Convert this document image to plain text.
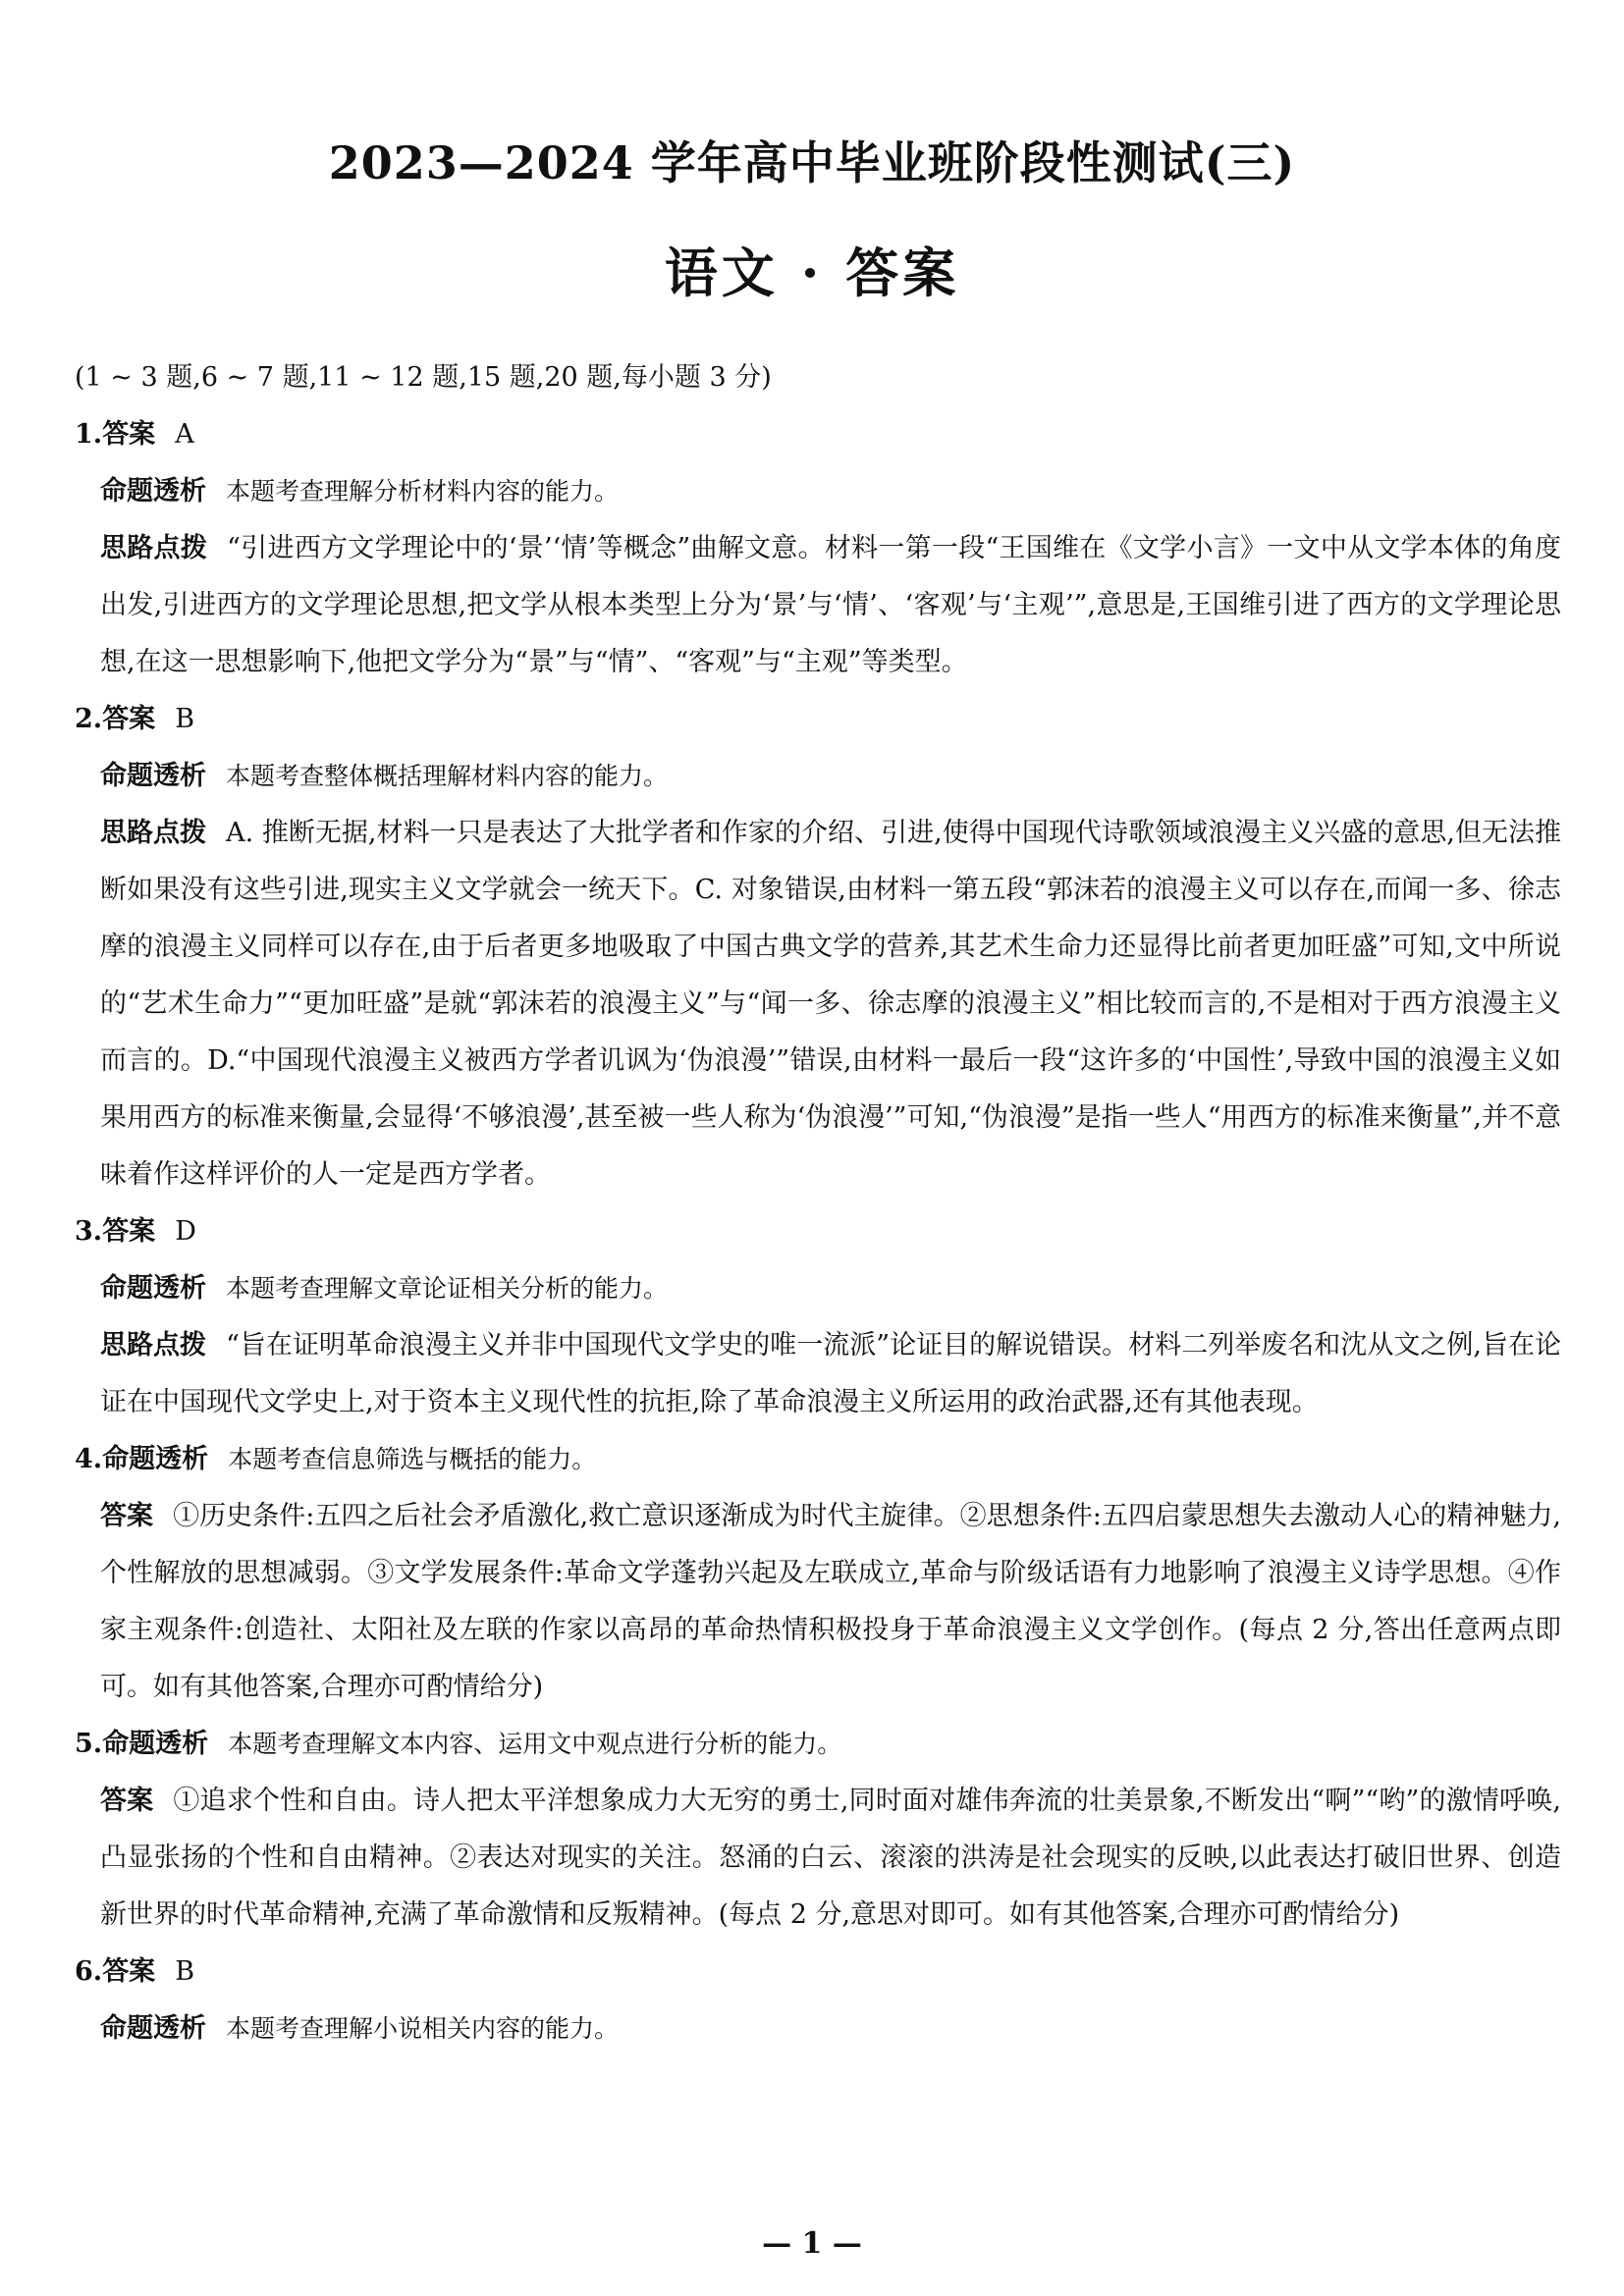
2023—2024 学年高中毕业班阶段性测试(三)
语文 · 答案

(1 ~ 3 题,6 ~ 7 题,11 ~ 12 题,15 题,20 题,每小题 3 分)

1.答案 A

命题透析 本题考查理解分析材料内容的能力。

思路点拨 “引进西方文学理论中的‘景’‘情’等概念”曲解文意。材料一第一段“王国维在《文学小言》一文中从文学本体的角度出发,引进西方的文学理论思想,把文学从根本类型上分为‘景’与‘情’、‘客观’与‘主观’”,意思是,王国维引进了西方的文学理论思想,在这一思想影响下,他把文学分为“景”与“情”、“客观”与“主观”等类型。

2.答案 B

命题透析 本题考查整体概括理解材料内容的能力。

思路点拨 A. 推断无据,材料一只是表达了大批学者和作家的介绍、引进,使得中国现代诗歌领域浪漫主义兴盛的意思,但无法推断如果没有这些引进,现实主义文学就会一统天下。C. 对象错误,由材料一第五段“郭沫若的浪漫主义可以存在,而闻一多、徐志摩的浪漫主义同样可以存在,由于后者更多地吸取了中国古典文学的营养,其艺术生命力还显得比前者更加旺盛”可知,文中所说的“艺术生命力”“更加旺盛”是就“郭沫若的浪漫主义”与“闻一多、徐志摩的浪漫主义”相比较而言的,不是相对于西方浪漫主义而言的。D.“中国现代浪漫主义被西方学者讥讽为‘伪浪漫’”错误,由材料一最后一段“这许多的‘中国性’,导致中国的浪漫主义如果用西方的标准来衡量,会显得‘不够浪漫’,甚至被一些人称为‘伪浪漫’”可知,“伪浪漫”是指一些人“用西方的标准来衡量”,并不意味着作这样评价的人一定是西方学者。

3.答案 D

命题透析 本题考查理解文章论证相关分析的能力。

思路点拨 “旨在证明革命浪漫主义并非中国现代文学史的唯一流派”论证目的解说错误。材料二列举废名和沈从文之例,旨在论证在中国现代文学史上,对于资本主义现代性的抗拒,除了革命浪漫主义所运用的政治武器,还有其他表现。

4.命题透析 本题考查信息筛选与概括的能力。

答案 ①历史条件:五四之后社会矛盾激化,救亡意识逐渐成为时代主旋律。②思想条件:五四启蒙思想失去激动人心的精神魅力,个性解放的思想减弱。③文学发展条件:革命文学蓬勃兴起及左联成立,革命与阶级话语有力地影响了浪漫主义诗学思想。④作家主观条件:创造社、太阳社及左联的作家以高昂的革命热情积极投身于革命浪漫主义文学创作。(每点 2 分,答出任意两点即可。如有其他答案,合理亦可酌情给分)

5.命题透析 本题考查理解文本内容、运用文中观点进行分析的能力。

答案 ①追求个性和自由。诗人把太平洋想象成力大无穷的勇士,同时面对雄伟奔流的壮美景象,不断发出“啊”“哟”的激情呼唤,凸显张扬的个性和自由精神。②表达对现实的关注。怒涌的白云、滚滚的洪涛是社会现实的反映,以此表达打破旧世界、创造新世界的时代革命精神,充满了革命激情和反叛精神。(每点 2 分,意思对即可。如有其他答案,合理亦可酌情给分)

6.答案 B

命题透析 本题考查理解小说相关内容的能力。

— 1 —
